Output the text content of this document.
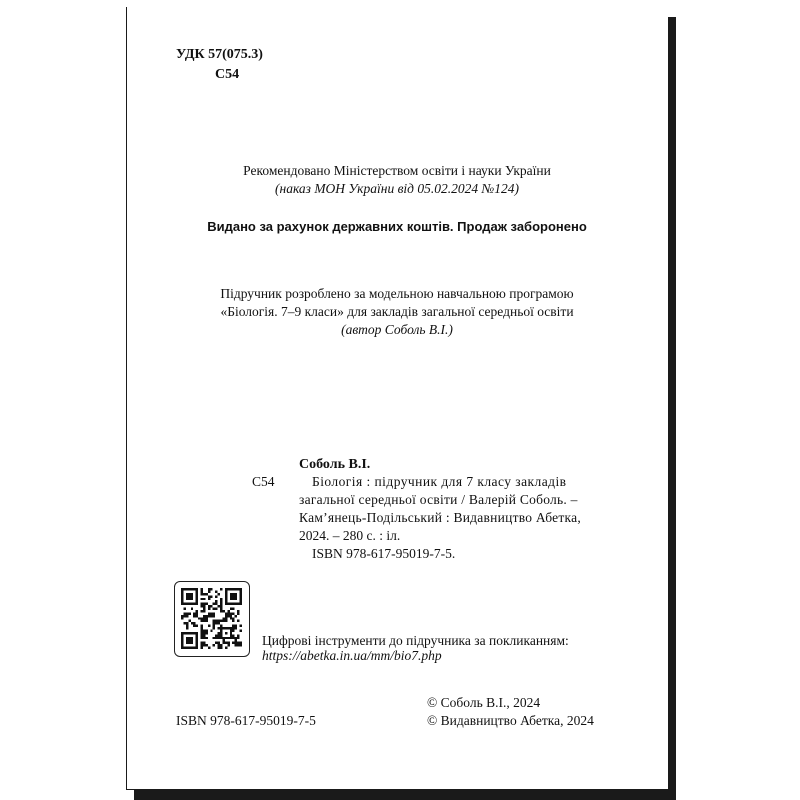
УДК 57(075.3)
С54
Рекомендовано Міністерством освіти і науки України
(наказ МОН України від 05.02.2024 №124)
Видано за рахунок державних коштів. Продаж заборонено
Підручник розроблено за модельною навчальною програмою
«Біологія. 7–9 класи» для закладів загальної середньої освіти
(автор Соболь В.І.)
Соболь В.І.
С54	Біологія : підручник для 7 класу закладів
загальної середньої освіти / Валерій Соболь. –
Кам’янець-Подільський : Видавництво Абетка,
2024. – 280 с. : іл.
ISBN 978-617-95019-7-5.
Цифрові інструменти до підручника за покликанням:
https://abetka.in.ua/mm/bio7.php
© Соболь В.І., 2024
ISBN 978-617-95019-7-5	© Видавництво Абетка, 2024
